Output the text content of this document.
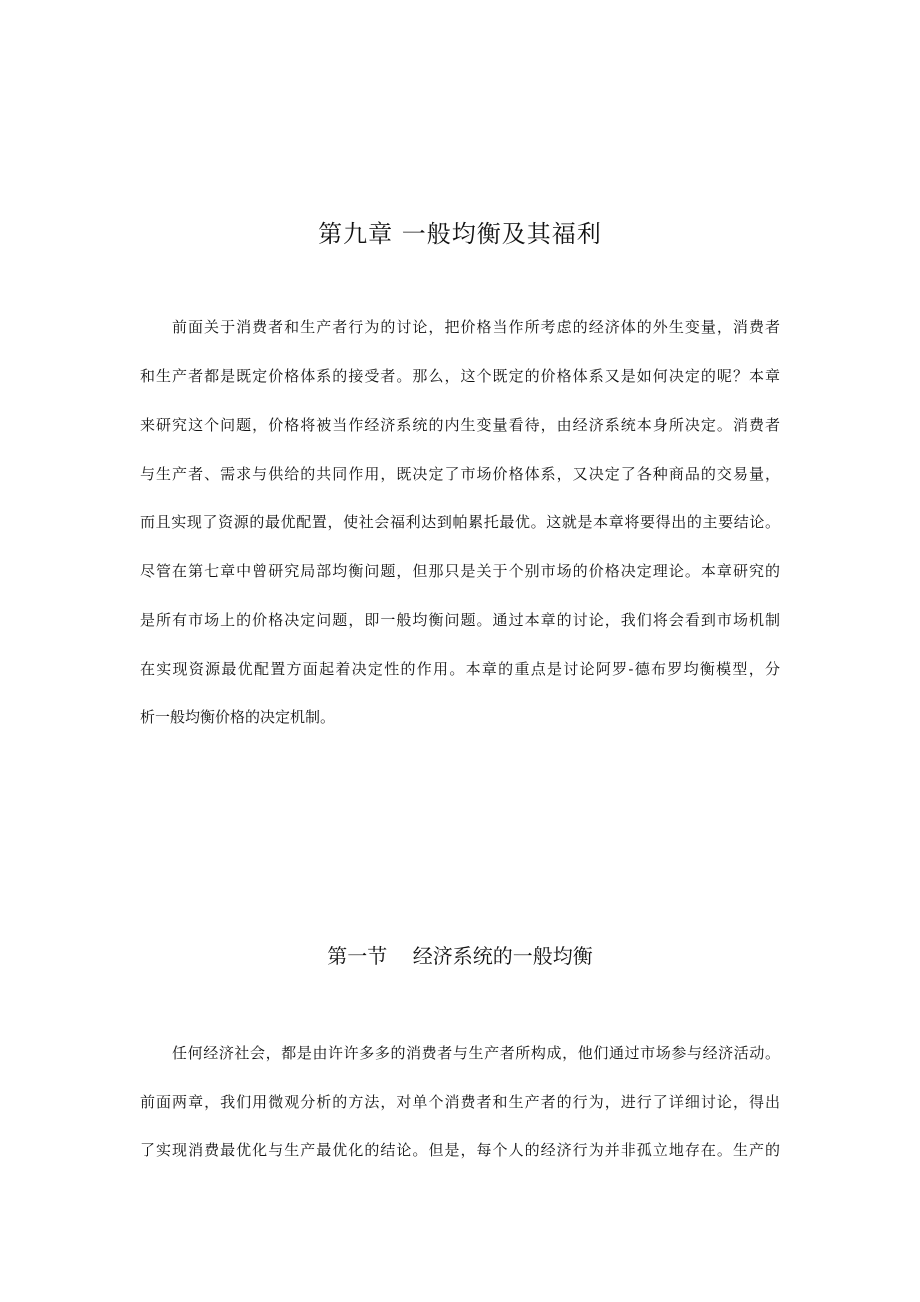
第九章 一般均衡及其福利
前面关于消费者和生产者行为的讨论，把价格当作所考虑的经济体的外生变量，消费者
和生产者都是既定价格体系的接受者。那么，这个既定的价格体系又是如何决定的呢？本章
来研究这个问题，价格将被当作经济系统的内生变量看待，由经济系统本身所决定。消费者
与生产者、需求与供给的共同作用，既决定了市场价格体系，又决定了各种商品的交易量，
而且实现了资源的最优配置，使社会福利达到帕累托最优。这就是本章将要得出的主要结论。
尽管在第七章中曾研究局部均衡问题，但那只是关于个别市场的价格决定理论。本章研究的
是所有市场上的价格决定问题，即一般均衡问题。通过本章的讨论，我们将会看到市场机制
在实现资源最优配置方面起着决定性的作用。本章的重点是讨论阿罗-德布罗均衡模型，分
析一般均衡价格的决定机制。
第一节    经济系统的一般均衡
任何经济社会，都是由许许多多的消费者与生产者所构成，他们通过市场参与经济活动。
前面两章，我们用微观分析的方法，对单个消费者和生产者的行为，进行了详细讨论，得出
了实现消费最优化与生产最优化的结论。但是，每个人的经济行为并非孤立地存在。生产的
